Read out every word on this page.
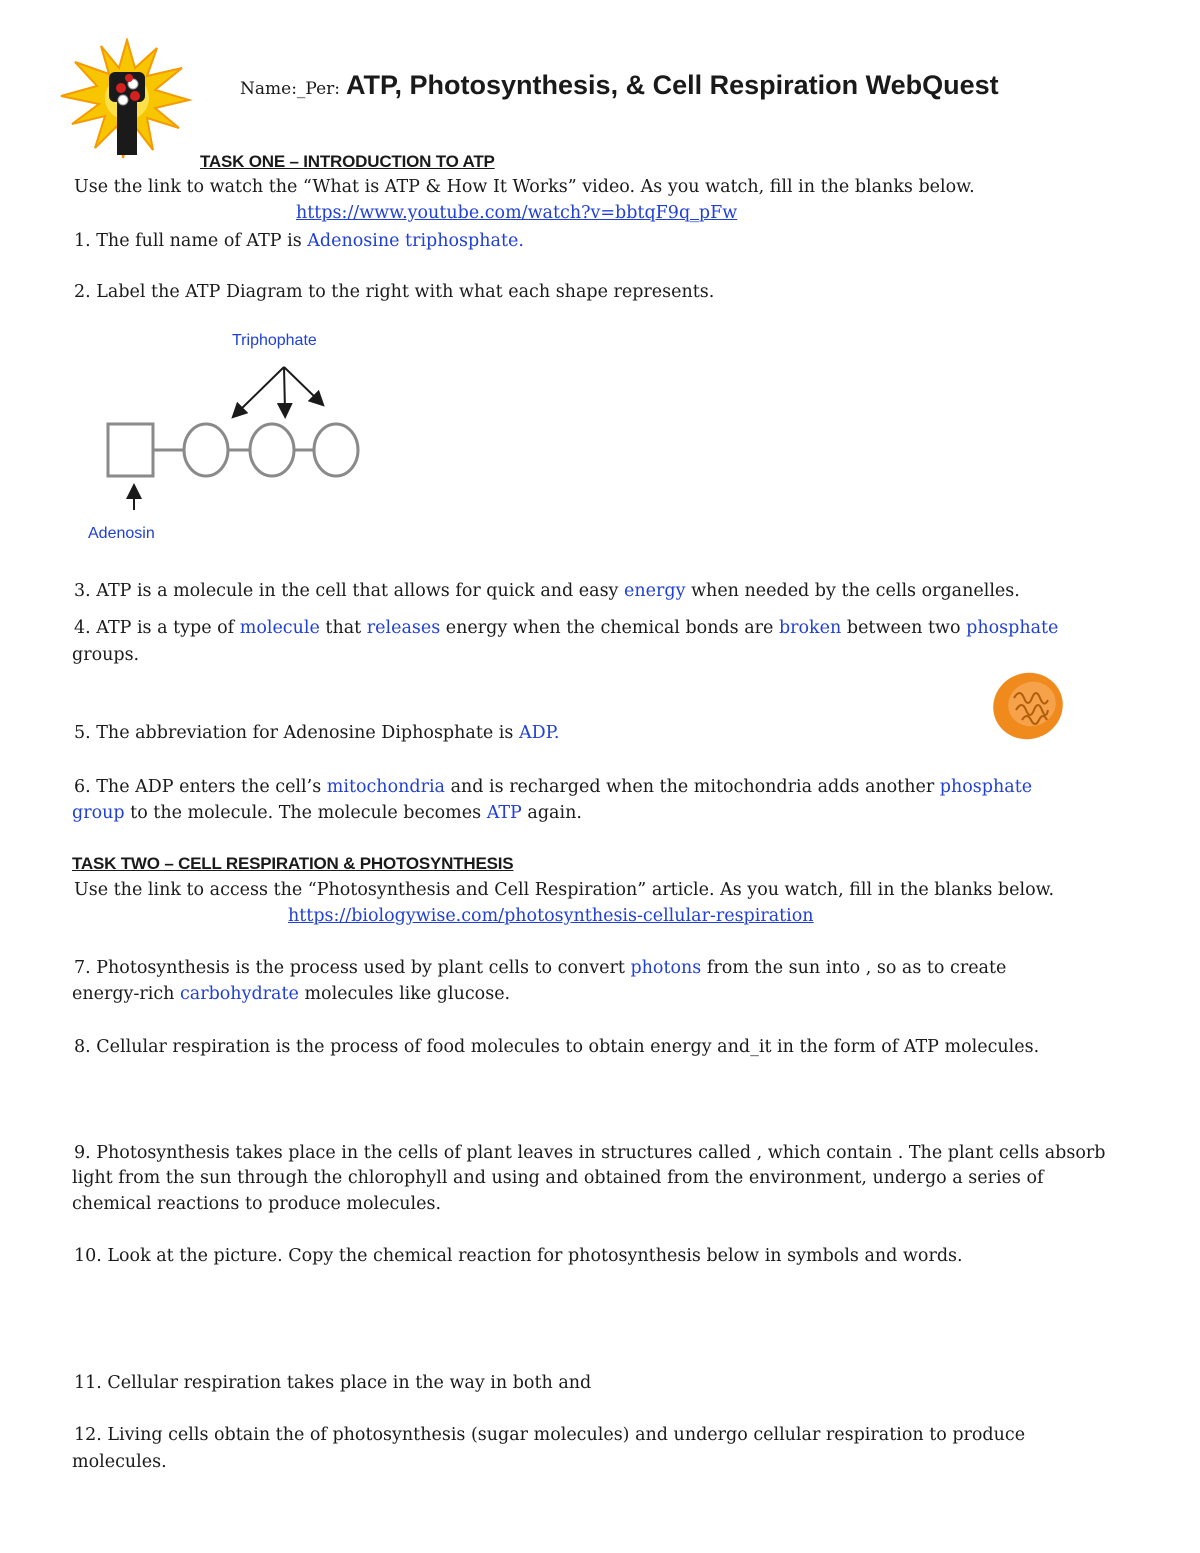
Name:_Per: ATP, Photosynthesis, & Cell Respiration WebQuest
TASK ONE – INTRODUCTION TO ATP
Use the link to watch the “What is ATP & How It Works” video. As you watch, fill in the blanks below.
https://www.youtube.com/watch?v=bbtqF9q_pFw
1. The full name of ATP is Adenosine triphosphate.
2. Label the ATP Diagram to the right with what each shape represents.
Triphophate
Adenosin
3. ATP is a molecule in the cell that allows for quick and easy energy when needed by the cells organelles.
4. ATP is a type of molecule that releases energy when the chemical bonds are broken between two phosphate
groups.
5. The abbreviation for Adenosine Diphosphate is ADP.
6. The ADP enters the cell’s mitochondria and is recharged when the mitochondria adds another phosphate
group to the molecule. The molecule becomes ATP again.
TASK TWO – CELL RESPIRATION & PHOTOSYNTHESIS
Use the link to access the “Photosynthesis and Cell Respiration” article. As you watch, fill in the blanks below.
https://biologywise.com/photosynthesis-cellular-respiration
7. Photosynthesis is the process used by plant cells to convert photons from the sun into , so as to create
energy-rich carbohydrate molecules like glucose.
8. Cellular respiration is the process of food molecules to obtain energy and_it in the form of ATP molecules.
9. Photosynthesis takes place in the cells of plant leaves in structures called , which contain . The plant cells absorb
light from the sun through the chlorophyll and using and obtained from the environment, undergo a series of
chemical reactions to produce molecules.
10. Look at the picture. Copy the chemical reaction for photosynthesis below in symbols and words.
11. Cellular respiration takes place in the way in both and
12. Living cells obtain the of photosynthesis (sugar molecules) and undergo cellular respiration to produce
molecules.
